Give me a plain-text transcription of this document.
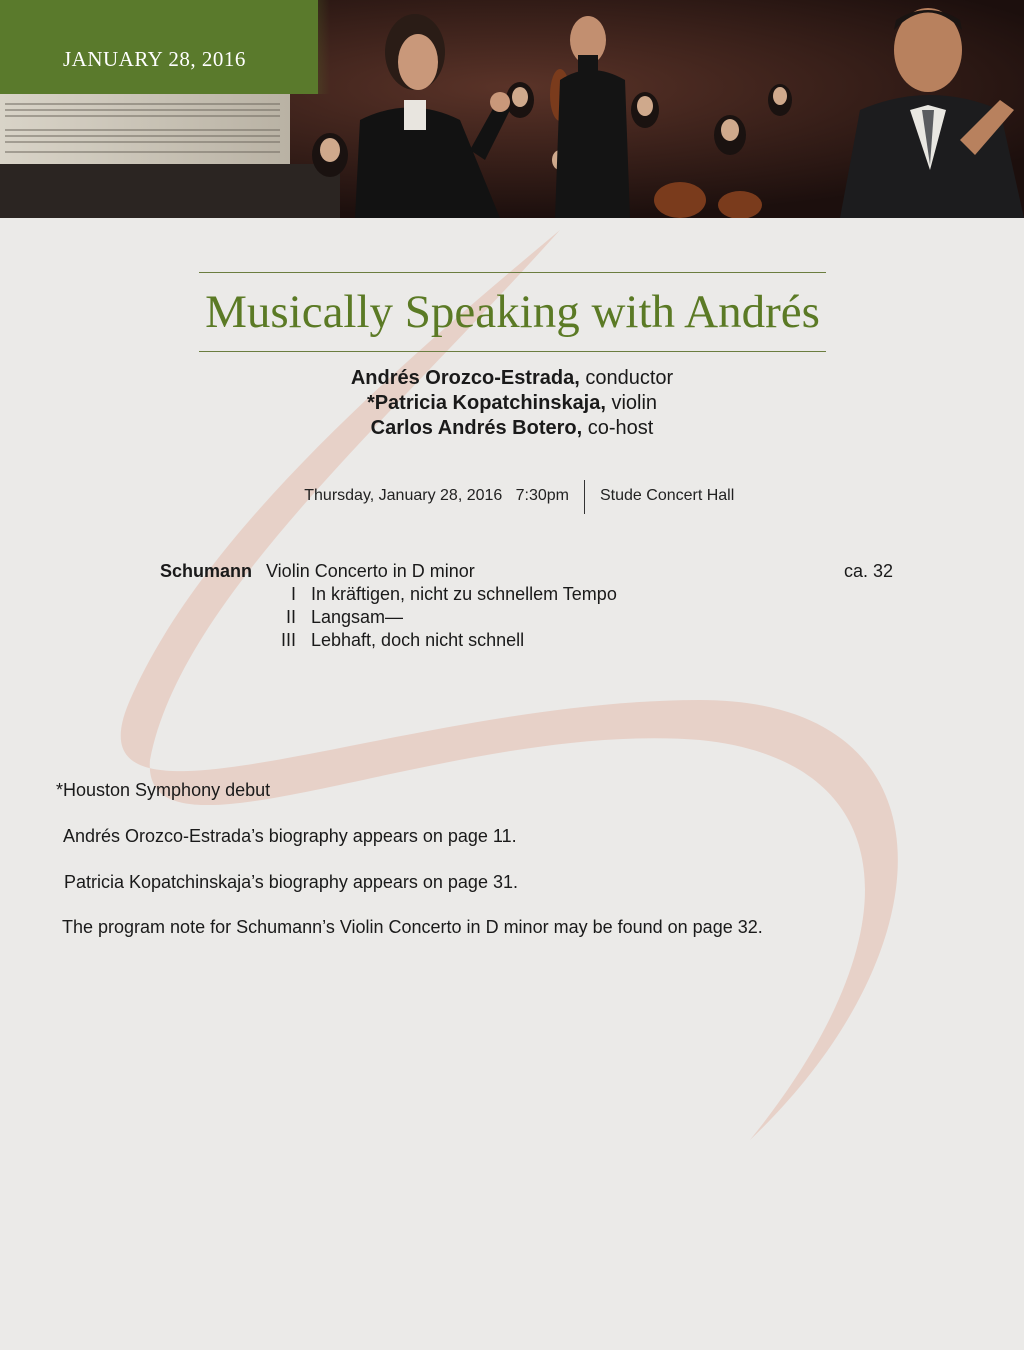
JANUARY 28, 2016
Musically Speaking with Andrés
Andrés Orozco-Estrada, conductor
*Patricia Kopatchinskaja, violin
Carlos Andrés Botero, co-host
Thursday, January 28, 2016   7:30pm Stude Concert Hall
Schumann Violin Concerto in D minor	ca. 32
I In kräftigen, nicht zu schnellem Tempo
II Langsam—
III Lebhaft, doch nicht schnell
*Houston Symphony debut
Andrés Orozco-Estrada’s biography appears on page 11.
Patricia Kopatchinskaja’s biography appears on page 31.
The program note for Schumann’s Violin Concerto in D minor may be found on page 32.
